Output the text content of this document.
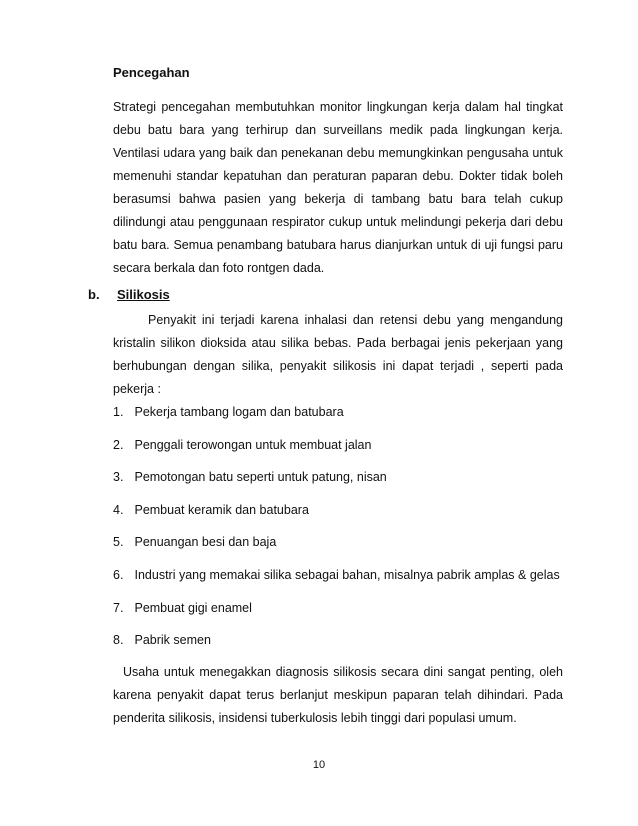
Pencegahan

Strategi pencegahan membutuhkan monitor lingkungan kerja dalam hal tingkat debu batu bara yang terhirup dan surveillans medik pada lingkungan kerja. Ventilasi udara yang baik dan penekanan debu memungkinkan pengusaha untuk memenuhi standar kepatuhan dan peraturan paparan debu. Dokter tidak boleh berasumsi bahwa pasien yang bekerja di tambang batu bara telah cukup dilindungi atau penggunaan respirator cukup untuk melindungi pekerja dari debu batu bara. Semua penambang batubara harus dianjurkan untuk di uji fungsi paru secara berkala dan foto rontgen dada.

b. Silikosis

Penyakit ini terjadi karena inhalasi dan retensi debu yang mengandung kristalin silikon dioksida atau silika bebas. Pada berbagai jenis pekerjaan yang berhubungan dengan silika, penyakit silikosis ini dapat terjadi , seperti pada pekerja :

1. Pekerja tambang logam dan batubara
2. Penggali terowongan untuk membuat jalan
3. Pemotongan batu seperti untuk patung, nisan
4. Pembuat keramik dan batubara
5. Penuangan besi dan baja
6. Industri yang memakai silika sebagai bahan, misalnya pabrik amplas & gelas
7. Pembuat gigi enamel
8. Pabrik semen

Usaha untuk menegakkan diagnosis silikosis secara dini sangat penting, oleh karena penyakit dapat terus berlanjut meskipun paparan telah dihindari. Pada penderita silikosis, insidensi tuberkulosis lebih tinggi dari populasi umum.

10
